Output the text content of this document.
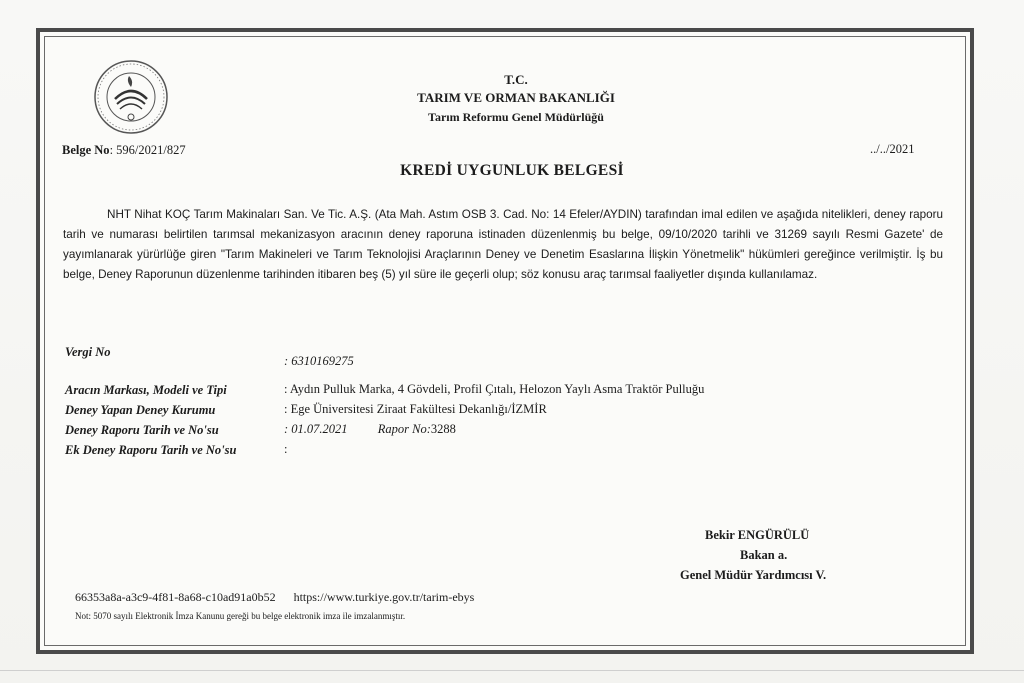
T.C.
TARIM VE ORMAN BAKANLIĞI
Tarım Reformu Genel Müdürlüğü
Belge No: 596/2021/827	../../2021
KREDİ UYGUNLUK BELGESİ
NHT Nihat KOÇ Tarım Makinaları San. Ve Tic. A.Ş. (Ata Mah. Astım OSB 3. Cad. No: 14 Efeler/AYDIN) tarafından imal edilen ve aşağıda nitelikleri, deney raporu tarih ve numarası belirtilen tarımsal mekanizasyon aracının deney raporuna istinaden düzenlenmiş bu belge, 09/10/2020 tarihli ve 31269 sayılı Resmi Gazete' de yayımlanarak yürürlüğe giren "Tarım Makineleri ve Tarım Teknolojisi Araçlarının Deney ve Denetim Esaslarına İlişkin Yönetmelik" hükümleri gereğince verilmiştir. İş bu belge, Deney Raporunun düzenlenme tarihinden itibaren beş (5) yıl süre ile geçerli olup; söz konusu araç tarımsal faaliyetler dışında kullanılamaz.
Vergi No
: 6310169275
Aracın Markası, Modeli ve Tipi	: Aydın Pulluk Marka, 4 Gövdeli, Profil Çıtalı, Helozon Yaylı Asma Traktör Pulluğu
Deney Yapan Deney Kurumu	: Ege Üniversitesi Ziraat Fakültesi Dekanlığı/İZMİR
Deney Raporu Tarih ve No'su	: 01.07.2021 Rapor No:3288
Ek Deney Raporu Tarih ve No'su	:
Bekir ENGÜRÜLÜ
Bakan a.
Genel Müdür Yardımcısı V.
66353a8a-a3c9-4f81-8a68-c10ad91a0b52 https://www.turkiye.gov.tr/tarim-ebys
Not: 5070 sayılı Elektronik İmza Kanunu gereği bu belge elektronik imza ile imzalanmıştır.
